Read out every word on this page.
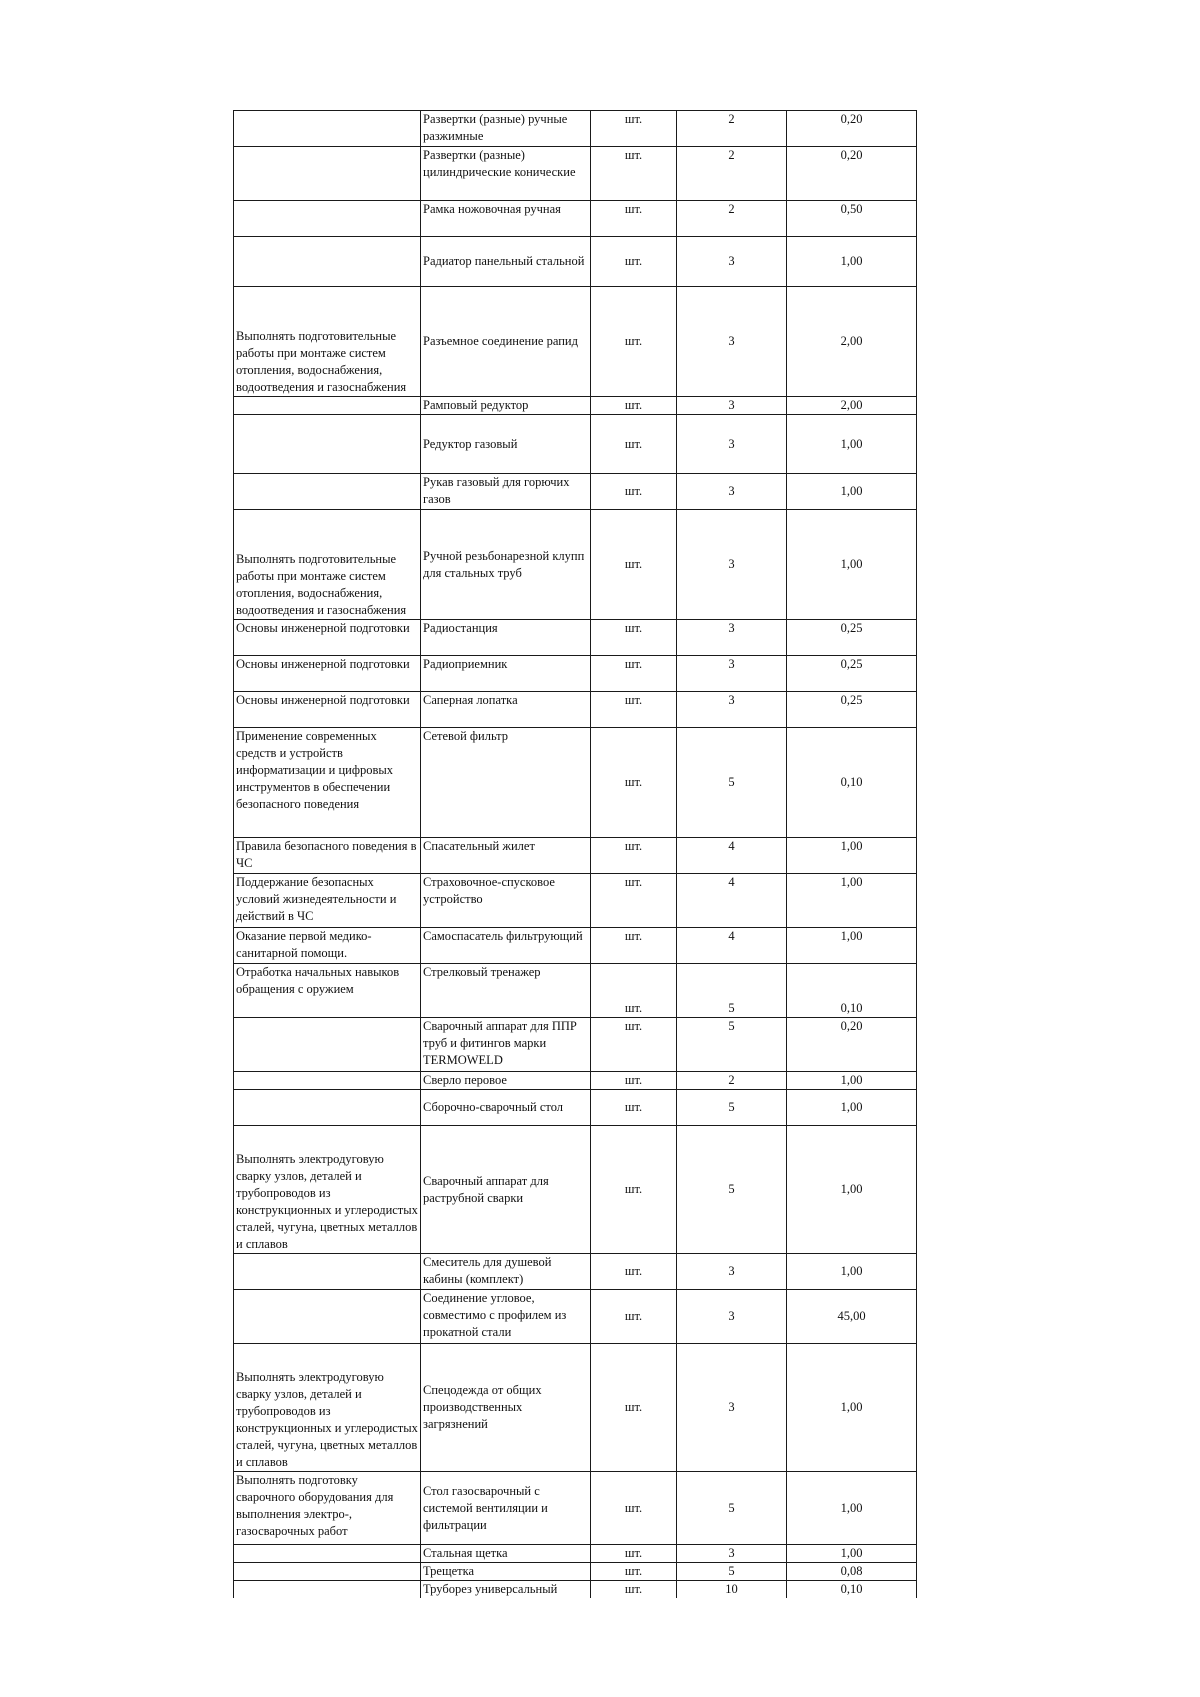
	Развертки (разные) ручные разжимные	шт.	2	0,20
	Развертки (разные) цилиндрические конические	шт.	2	0,20
	Рамка ножовочная ручная	шт.	2	0,50
	Радиатор панельный стальной	шт.	3	1,00
Выполнять подготовительные работы при монтаже систем отопления, водоснабжения, водоотведения и газоснабжения	Разъемное соединение рапид	шт.	3	2,00
	Рамповый редуктор	шт.	3	2,00
	Редуктор газовый	шт.	3	1,00
	Рукав газовый для горючих газов	шт.	3	1,00
Выполнять подготовительные работы при монтаже систем отопления, водоснабжения, водоотведения и газоснабжения	Ручной резьбонарезной клупп для стальных труб	шт.	3	1,00
Основы инженерной подготовки	Радиостанция	шт.	3	0,25
Основы инженерной подготовки	Радиоприемник	шт.	3	0,25
Основы инженерной подготовки	Саперная лопатка	шт.	3	0,25
Применение современных средств и устройств информатизации и цифровых инструментов в обеспечении безопасного поведения	Сетевой фильтр	шт.	5	0,10
Правила безопасного поведения в ЧС	Спасательный жилет	шт.	4	1,00
Поддержание безопасных условий жизнедеятельности и действий в ЧС	Страховочное-спусковое устройство	шт.	4	1,00
Оказание первой медико-санитарной помощи.	Самоспасатель фильтрующий	шт.	4	1,00
Отработка начальных навыков обращения с оружием	Стрелковый тренажер	шт.	5	0,10
	Сварочный аппарат для ППР труб и фитингов марки TERMOWELD	шт.	5	0,20
	Сверло перовое	шт.	2	1,00
	Сборочно-сварочный стол	шт.	5	1,00
Выполнять электродуговую сварку узлов, деталей и трубопроводов из конструкционных и углеродистых сталей, чугуна, цветных металлов и сплавов	Сварочный аппарат для раструбной сварки	шт.	5	1,00
	Смеситель для душевой кабины (комплект)	шт.	3	1,00
	Соединение угловое, совместимо с профилем из прокатной стали	шт.	3	45,00
Выполнять электродуговую сварку узлов, деталей и трубопроводов из конструкционных и углеродистых сталей, чугуна, цветных металлов и сплавов	Спецодежда от общих производственных загрязнений	шт.	3	1,00
Выполнять подготовку сварочного оборудования для выполнения электро-, газосварочных работ	Стол газосварочный с системой вентиляции и фильтрации	шт.	5	1,00
	Стальная щетка	шт.	3	1,00
	Трещетка	шт.	5	0,08
	Труборез универсальный	шт.	10	0,10
